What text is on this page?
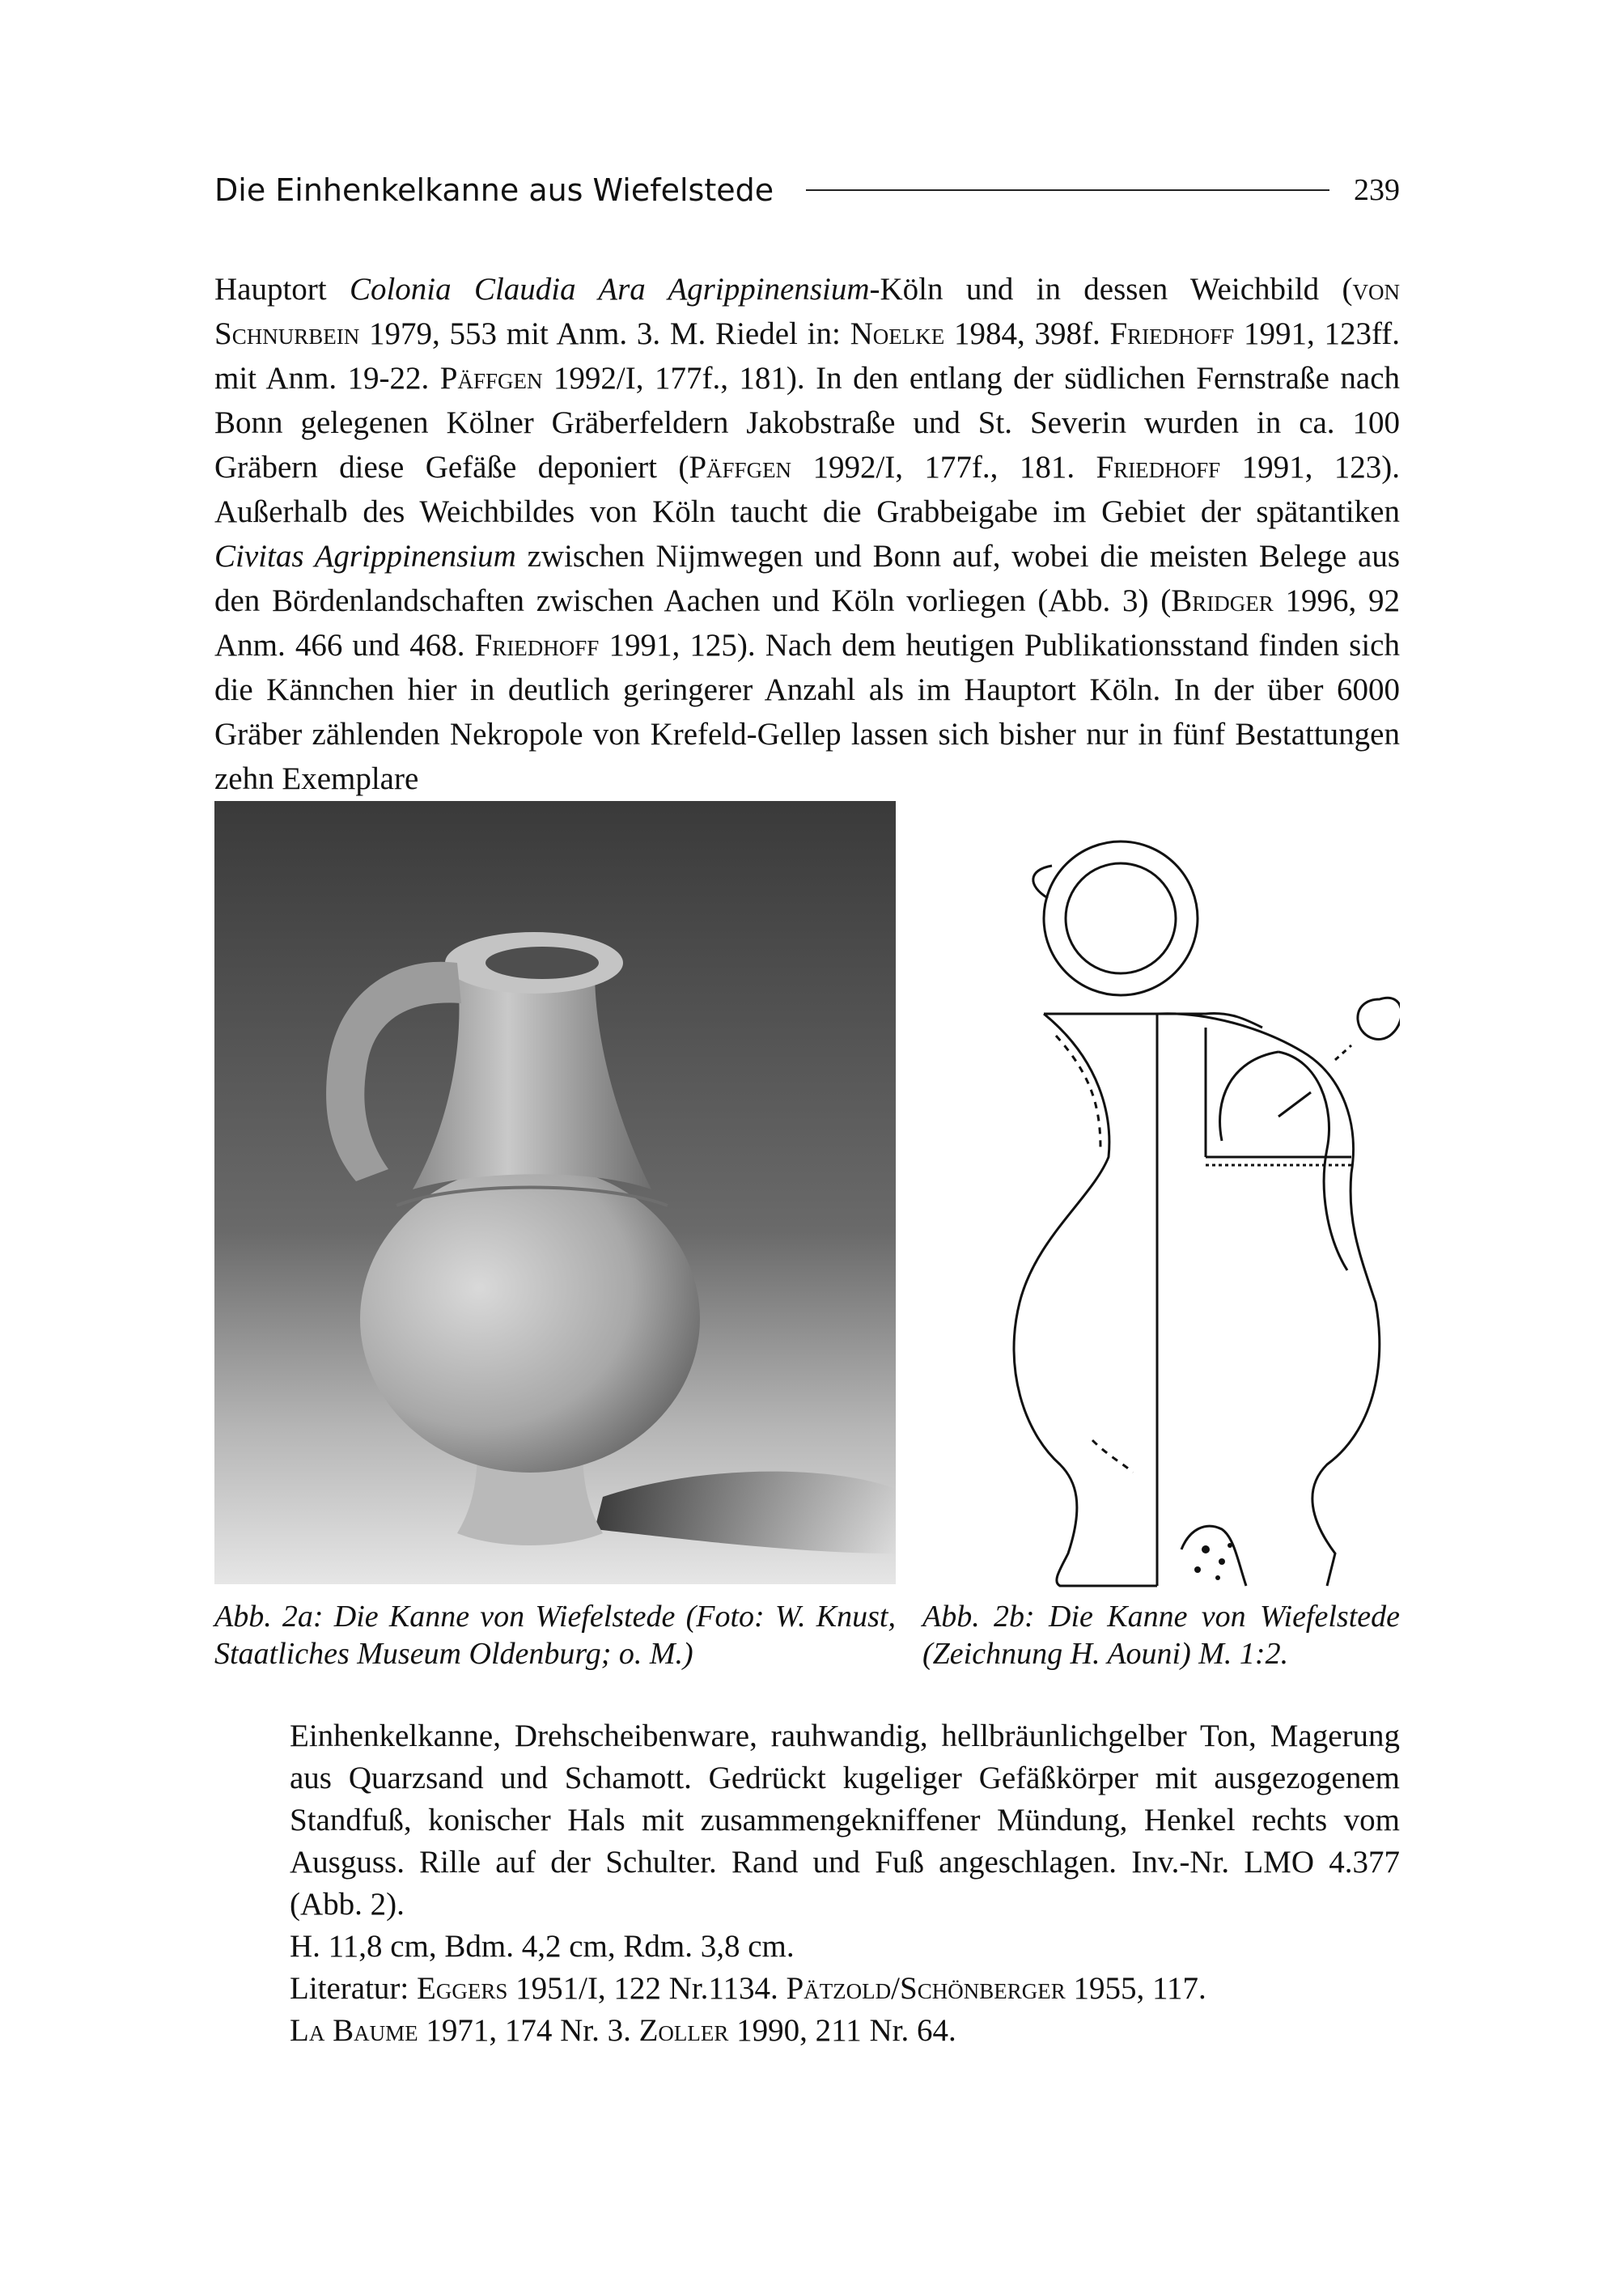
Die Einhenkelkanne aus Wiefelstede	239

Hauptort Colonia Claudia Ara Agrippinensium-Köln und in dessen Weichbild (von Schnurbein 1979, 553 mit Anm. 3. M. Riedel in: Noelke 1984, 398f. Friedhoff 1991, 123ff. mit Anm. 19-22. Päffgen 1992/I, 177f., 181). In den entlang der südlichen Fernstraße nach Bonn gelegenen Kölner Gräberfeldern Jakobstraße und St. Severin wurden in ca. 100 Gräbern diese Gefäße deponiert (Päffgen 1992/I, 177f., 181. Friedhoff 1991, 123). Außerhalb des Weichbildes von Köln taucht die Grabbeigabe im Gebiet der spätantiken Civitas Agrippinensium zwischen Nijmwegen und Bonn auf, wobei die meisten Belege aus den Bördenlandschaften zwischen Aachen und Köln vorliegen (Abb. 3) (Bridger 1996, 92 Anm. 466 und 468. Friedhoff 1991, 125). Nach dem heutigen Publikationsstand finden sich die Kännchen hier in deutlich geringerer Anzahl als im Hauptort Köln. In der über 6000 Gräber zählenden Nekropole von Krefeld-Gellep lassen sich bisher nur in fünf Bestattungen zehn Exemplare

Abb. 2a: Die Kanne von Wiefelstede (Foto: W. Knust, Staatliches Museum Oldenburg; o. M.)
Abb. 2b: Die Kanne von Wiefelstede (Zeichnung H. Aouni) M. 1:2.

Einhenkelkanne, Drehscheibenware, rauhwandig, hellbräunlichgelber Ton, Magerung aus Quarzsand und Schamott. Gedrückt kugeliger Gefäßkörper mit ausgezogenem Standfuß, konischer Hals mit zusammengekniffener Mündung, Henkel rechts vom Ausguss. Rille auf der Schulter. Rand und Fuß angeschlagen. Inv.-Nr. LMO 4.377 (Abb. 2).

H. 11,8 cm, Bdm. 4,2 cm, Rdm. 3,8 cm.

Literatur: Eggers 1951/I, 122 Nr.1134. Pätzold/Schönberger 1955, 117.
La Baume 1971, 174 Nr. 3. Zoller 1990, 211 Nr. 64.
